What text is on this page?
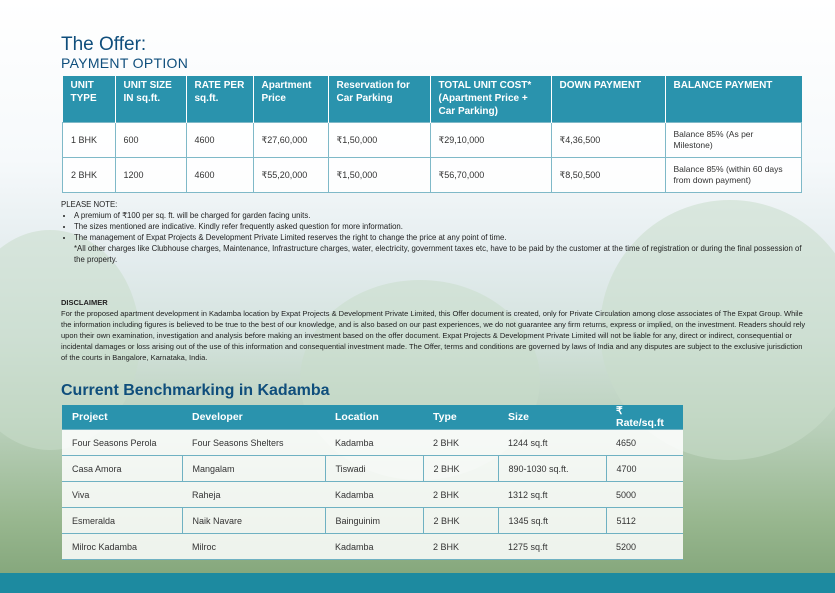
The Offer:
PAYMENT OPTION
UNIT TYPE	UNIT SIZE IN sq.ft.	RATE PER sq.ft.	Apartment Price	Reservation for Car Parking	TOTAL UNIT COST* (Apartment Price + Car Parking)	DOWN PAYMENT	BALANCE PAYMENT
1 BHK	600	4600	₹27,60,000	₹1,50,000	₹29,10,000	₹4,36,500	Balance 85% (As per Milestone)
2 BHK	1200	4600	₹55,20,000	₹1,50,000	₹56,70,000	₹8,50,500	Balance 85% (within 60 days from down payment)
PLEASE NOTE:
• A premium of ₹100 per sq. ft. will be charged for garden facing units.
• The sizes mentioned are indicative. Kindly refer frequently asked question for more information.
• The management of Expat Projects & Development Private Limited reserves the right to change the price at any point of time.
*All other charges like Clubhouse charges, Maintenance, Infrastructure charges, water, electricity, government taxes etc, have to be paid by the customer at the time of registration or during the final possession of the property.
DISCLAIMER
For the proposed apartment development in Kadamba location by Expat Projects & Development Private Limited, this Offer document is created, only for Private Circulation among close associates of The Expat Group. While the information including figures is believed to be true to the best of our knowledge, and is also based on our past experiences, we do not guarantee any firm returns, express or implied, on the investment. Readers should rely upon their own examination, investigation and analysis before making an investment based on the offer document. Expat Projects & Development Private Limited will not be liable for any, direct or indirect, consequential or incidental damages or loss arising out of the use of this information and consequential investment made. The Offer, terms and conditions are governed by laws of India and any disputes are subject to the exclusive jurisdiction of the courts in Bangalore, Karnataka, India.
Current Benchmarking in Kadamba
Project	Developer	Location	Type	Size	₹ Rate/sq.ft
Four Seasons Perola	Four Seasons Shelters	Kadamba	2 BHK	1244 sq.ft	4650
Casa Amora	Mangalam	Tiswadi	2 BHK	890-1030 sq.ft.	4700
Viva	Raheja	Kadamba	2 BHK	1312 sq.ft	5000
Esmeralda	Naik Navare	Bainguinim	2 BHK	1345 sq.ft	5112
Milroc Kadamba	Milroc	Kadamba	2 BHK	1275 sq.ft	5200
